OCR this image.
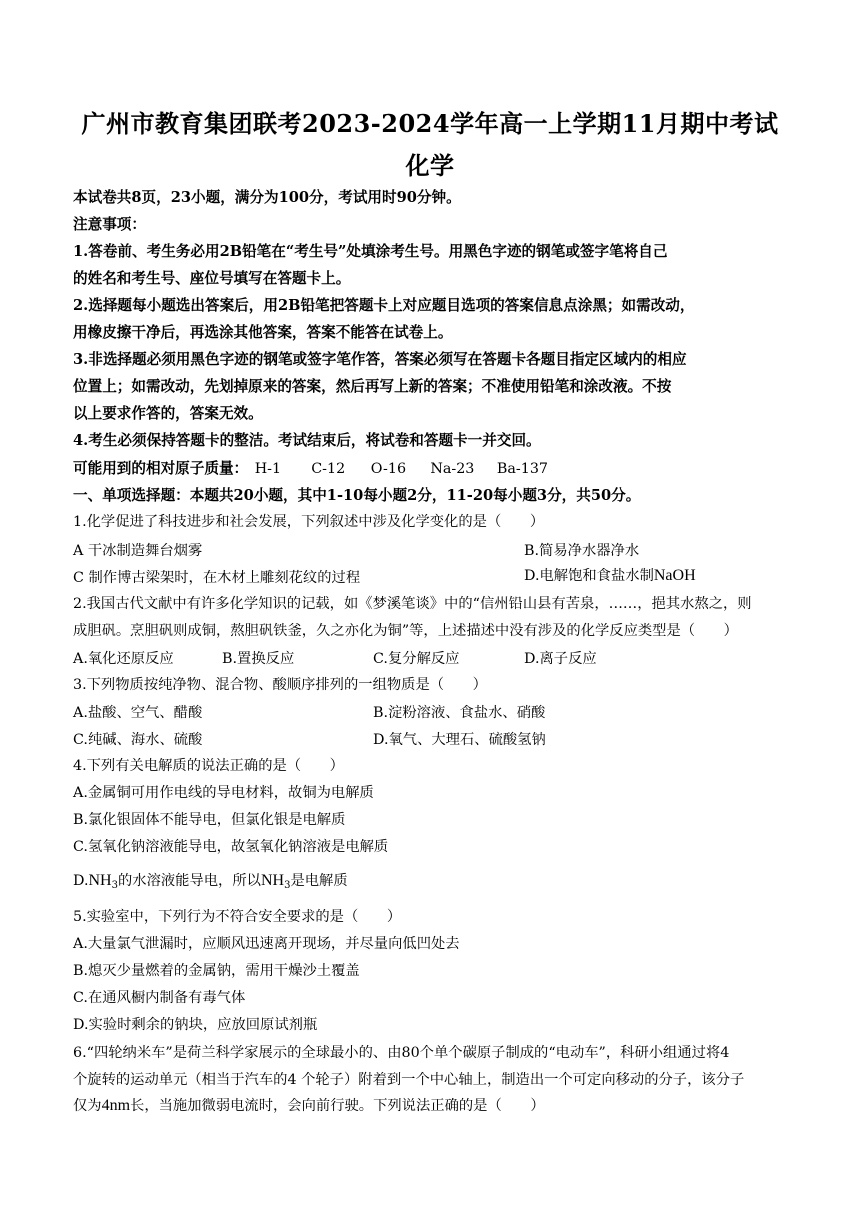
广州市教育集团联考2023-2024学年高一上学期11月期中考试
化学
本试卷共8页，23小题，满分为100分，考试用时90分钟。
注意事项：
1.答卷前、考生务必用2B铅笔在“考生号”处填涂考生号。用黑色字迹的钢笔或签字笔将自己
的姓名和考生号、座位号填写在答题卡上。
2.选择题每小题选出答案后，用2B铅笔把答题卡上对应题目选项的答案信息点涂黑；如需改动，
用橡皮擦干净后，再选涂其他答案，答案不能答在试卷上。
3.非选择题必须用黑色字迹的钢笔或签字笔作答，答案必须写在答题卡各题目指定区域内的相应
位置上；如需改动，先划掉原来的答案，然后再写上新的答案；不准使用铅笔和涂改液。不按
以上要求作答的，答案无效。
4.考生必须保持答题卡的整洁。考试结束后，将试卷和答题卡一并交回。
可能用到的相对原子质量： H-1 C-12 O-16 Na-23 Ba-137
一、单项选择题：本题共20小题，其中1-10每小题2分，11-20每小题3分，共50分。
1.化学促进了科技进步和社会发展，下列叙述中涉及化学变化的是（　　）
A 干冰制造舞台烟雾	B.简易净水器净水
C 制作博古梁架时，在木材上雕刻花纹的过程	D.电解饱和食盐水制NaOH
2.我国古代文献中有许多化学知识的记载，如《梦溪笔谈》中的“信州铅山县有苦泉，……，挹其水熬之，则
成胆矾。烹胆矾则成铜，熬胆矾铁釜，久之亦化为铜”等，上述描述中没有涉及的化学反应类型是（　　）
A.氧化还原反应	B.置换反应	C.复分解反应	D.离子反应
3.下列物质按纯净物、混合物、酸顺序排列的一组物质是（　　）
A.盐酸、空气、醋酸	B.淀粉溶液、食盐水、硝酸
C.纯碱、海水、硫酸	D.氧气、大理石、硫酸氢钠
4.下列有关电解质的说法正确的是（　　）
A.金属铜可用作电线的导电材料，故铜为电解质
B.氯化银固体不能导电，但氯化银是电解质
C.氢氧化钠溶液能导电，故氢氧化钠溶液是电解质
$D.NH_3$的水溶液能导电，所以$NH_3$是电解质
5.实验室中，下列行为不符合安全要求的是（　　）
A.大量氯气泄漏时，应顺风迅速离开现场，并尽量向低凹处去
B.熄灭少量燃着的金属钠，需用干燥沙土覆盖
C.在通风橱内制备有毒气体
D.实验时剩余的钠块，应放回原试剂瓶
6.“四轮纳米车”是荷兰科学家展示的全球最小的、由80个单个碳原子制成的“电动车”，科研小组通过将4
个旋转的运动单元（相当于汽车的4 个轮子）附着到一个中心轴上，制造出一个可定向移动的分子，该分子
仅为4nm长，当施加微弱电流时，会向前行驶。下列说法正确的是（　　）
